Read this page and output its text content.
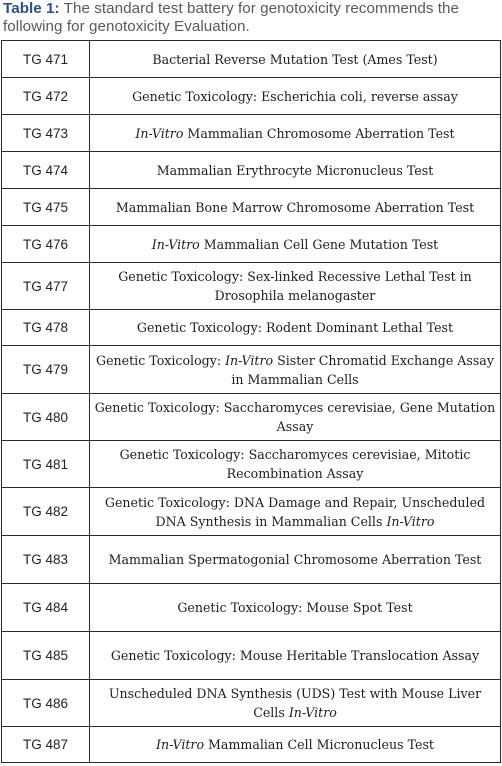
Table 1: The standard test battery for genotoxicity recommends the following for genotoxicity Evaluation.
TG 471	Bacterial Reverse Mutation Test (Ames Test)
TG 472	Genetic Toxicology: Escherichia coli, reverse assay
TG 473	In-Vitro Mammalian Chromosome Aberration Test
TG 474	Mammalian Erythrocyte Micronucleus Test
TG 475	Mammalian Bone Marrow Chromosome Aberration Test
TG 476	In-Vitro Mammalian Cell Gene Mutation Test
TG 477	Genetic Toxicology: Sex-linked Recessive Lethal Test in Drosophila melanogaster
TG 478	Genetic Toxicology: Rodent Dominant Lethal Test
TG 479	Genetic Toxicology: In-Vitro Sister Chromatid Exchange Assay in Mammalian Cells
TG 480	Genetic Toxicology: Saccharomyces cerevisiae, Gene Mutation Assay
TG 481	Genetic Toxicology: Saccharomyces cerevisiae, Mitotic Recombination Assay
TG 482	Genetic Toxicology: DNA Damage and Repair, Unscheduled DNA Synthesis in Mammalian Cells In-Vitro
TG 483	Mammalian Spermatogonial Chromosome Aberration Test
TG 484	Genetic Toxicology: Mouse Spot Test
TG 485	Genetic Toxicology: Mouse Heritable Translocation Assay
TG 486	Unscheduled DNA Synthesis (UDS) Test with Mouse Liver Cells In-Vitro
TG 487	In-Vitro Mammalian Cell Micronucleus Test
